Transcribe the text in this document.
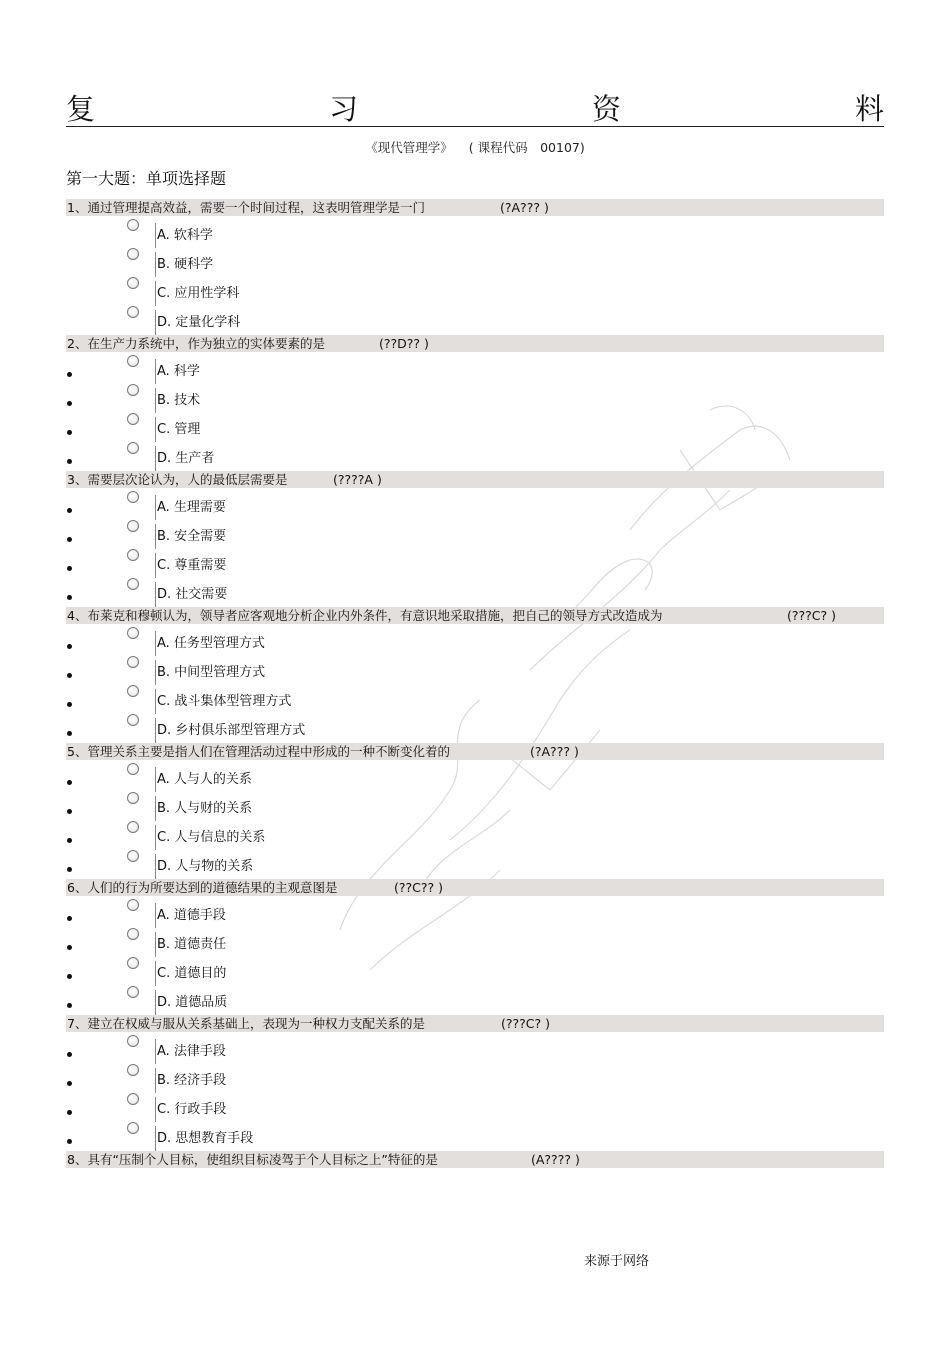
复	习	资	料
《现代管理学》 ( 课程代码　00107)
第一大题：单项选择题
1、通过管理提高效益，需要一个时间过程，这表明管理学是一门	(?A??? )
A. 软科学
B. 硬科学
C. 应用性学科
D. 定量化学科
2、在生产力系统中，作为独立的实体要素的是	(??D?? )
A. 科学
B. 技术
C. 管理
D. 生产者
3、需要层次论认为，人的最低层需要是	(????A )
A. 生理需要
B. 安全需要
C. 尊重需要
D. 社交需要
4、布莱克和穆顿认为，领导者应客观地分析企业内外条件，有意识地采取措施，把自己的领导方式改造成为	(???C? )
A. 任务型管理方式
B. 中间型管理方式
C. 战斗集体型管理方式
D. 乡村俱乐部型管理方式
5、管理关系主要是指人们在管理活动过程中形成的一种不断变化着的	(?A??? )
A. 人与人的关系
B. 人与财的关系
C. 人与信息的关系
D. 人与物的关系
6、人们的行为所要达到的道德结果的主观意图是	(??C?? )
A. 道德手段
B. 道德责任
C. 道德目的
D. 道德品质
7、建立在权威与服从关系基础上，表现为一种权力支配关系的是	(???C? )
A. 法律手段
B. 经济手段
C. 行政手段
D. 思想教育手段
8、具有“压制个人目标，使组织目标凌驾于个人目标之上”特征的是	(A???? )
来源于网络
